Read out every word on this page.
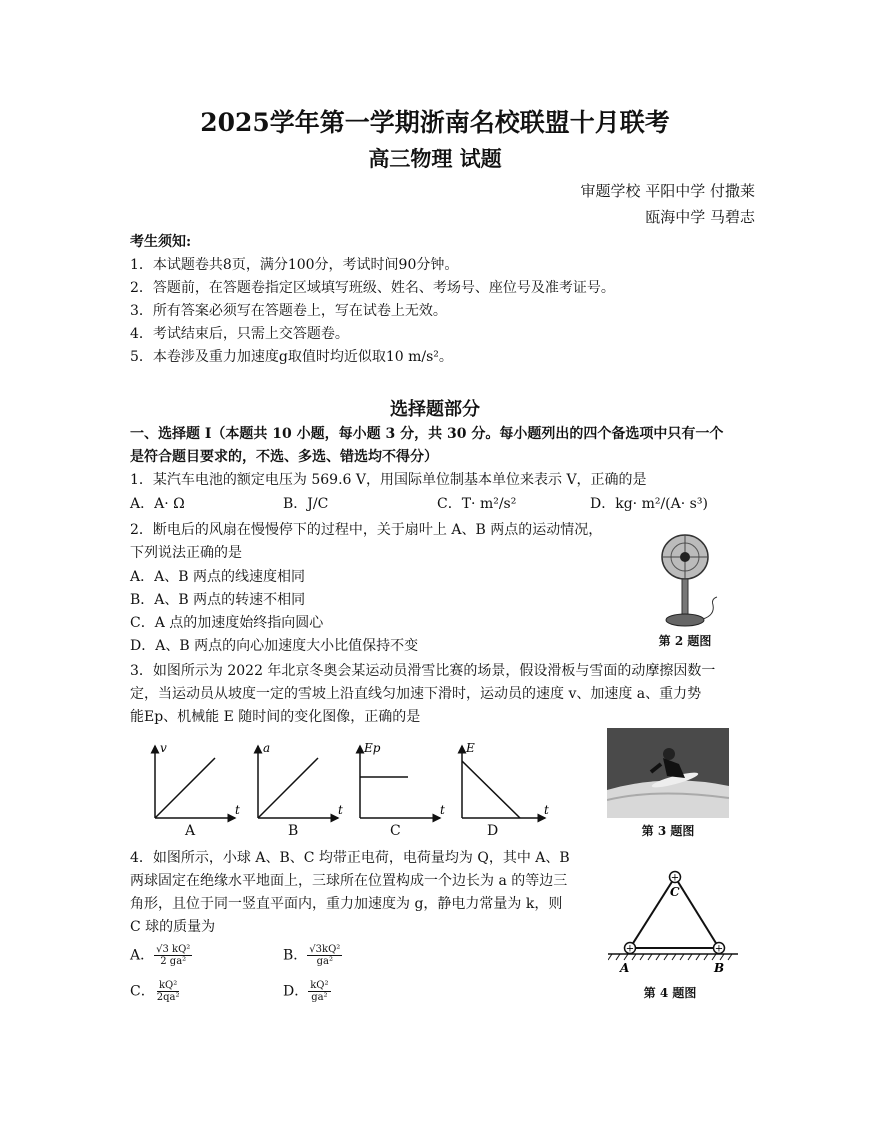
2025学年第一学期浙南名校联盟十月联考
高三物理 试题
审题学校 平阳中学 付撒莱
瓯海中学 马碧志
考生须知:
1．本试题卷共8页，满分100分，考试时间90分钟。
2．答题前，在答题卷指定区域填写班级、姓名、考场号、座位号及准考证号。
3．所有答案必须写在答题卷上，写在试卷上无效。
4．考试结束后，只需上交答题卷。
5．本卷涉及重力加速度g取值时均近似取10 m/s²。
选择题部分
一、选择题 I（本题共 10 小题，每小题 3 分，共 30 分。每小题列出的四个备选项中只有一个
是符合题目要求的，不选、多选、错选均不得分）
1．某汽车电池的额定电压为 569.6 V，用国际单位制基本单位来表示 V，正确的是
A．A· Ω	B．J/C	C．T· m²/s²	D．kg· m²/(A· s³)
2．断电后的风扇在慢慢停下的过程中，关于扇叶上 A、B 两点的运动情况，
下列说法正确的是
A．A、B 两点的线速度相同
B．A、B 两点的转速不相同
C．A 点的加速度始终指向圆心
D．A、B 两点的向心加速度大小比值保持不变	第 2 题图
3．如图所示为 2022 年北京冬奥会某运动员滑雪比赛的场景，假设滑板与雪面的动摩擦因数一
定，当运动员从坡度一定的雪坡上沿直线匀加速下滑时，运动员的速度 v、加速度 a、重力势
能Ep、机械能 E 随时间的变化图像，正确的是
v
t
a
t
Ep
t
E
t
A	B	C	D	第 3 题图
4．如图所示，小球 A、B、C 均带正电荷，电荷量均为 Q，其中 A、B
两球固定在绝缘水平地面上，三球所在位置构成一个边长为 a 的等边三
角形，且位于同一竖直平面内，重力加速度为 g，静电力常量为 k，则
C 球的质量为
A． $\frac{\text{√3 kQ²}}{\text{2 ga²}}$	B． $\frac{\text{√3kQ²}}{\text{ga²}}$
C． $\frac{\text{kQ²}}{\text{2qa²}}$	D． $\frac{\text{kQ²}}{\text{ga²}}$
+	+
+
A	B
C
第 4 题图
